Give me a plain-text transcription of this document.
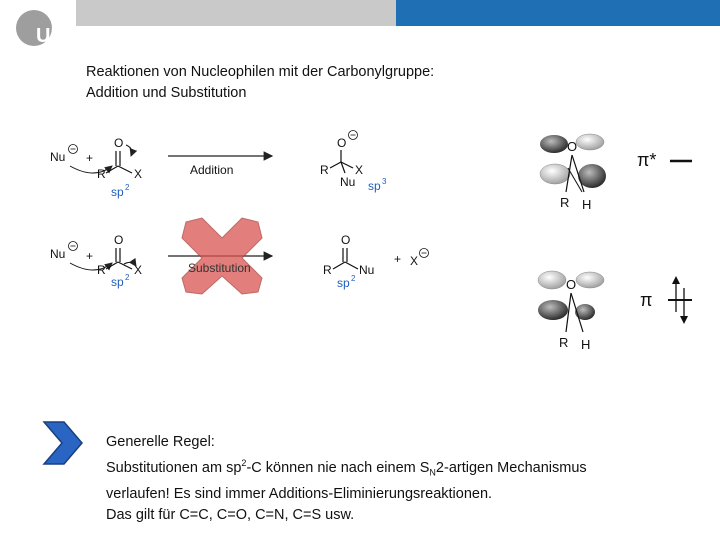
UR
Reaktionen von Nucleophilen mit der Carbonylgruppe:
Addition und Substitution
Nu +
O
R X
sp 2
Addition
O
R X
Nu sp 3
Nu +
O
R X
sp 2
Substitution
O
R Nu
sp 2
+ X
O
R H
π*
O
R H
π
Generelle Regel:
Substitutionen am $sp^2-C$ können nie nach einem $S_N2$-artigen Mechanismus
verlaufen! Es sind immer Additions-Eliminierungsreaktionen.
Das gilt für C=C, C=O, C=N, C=S usw.
